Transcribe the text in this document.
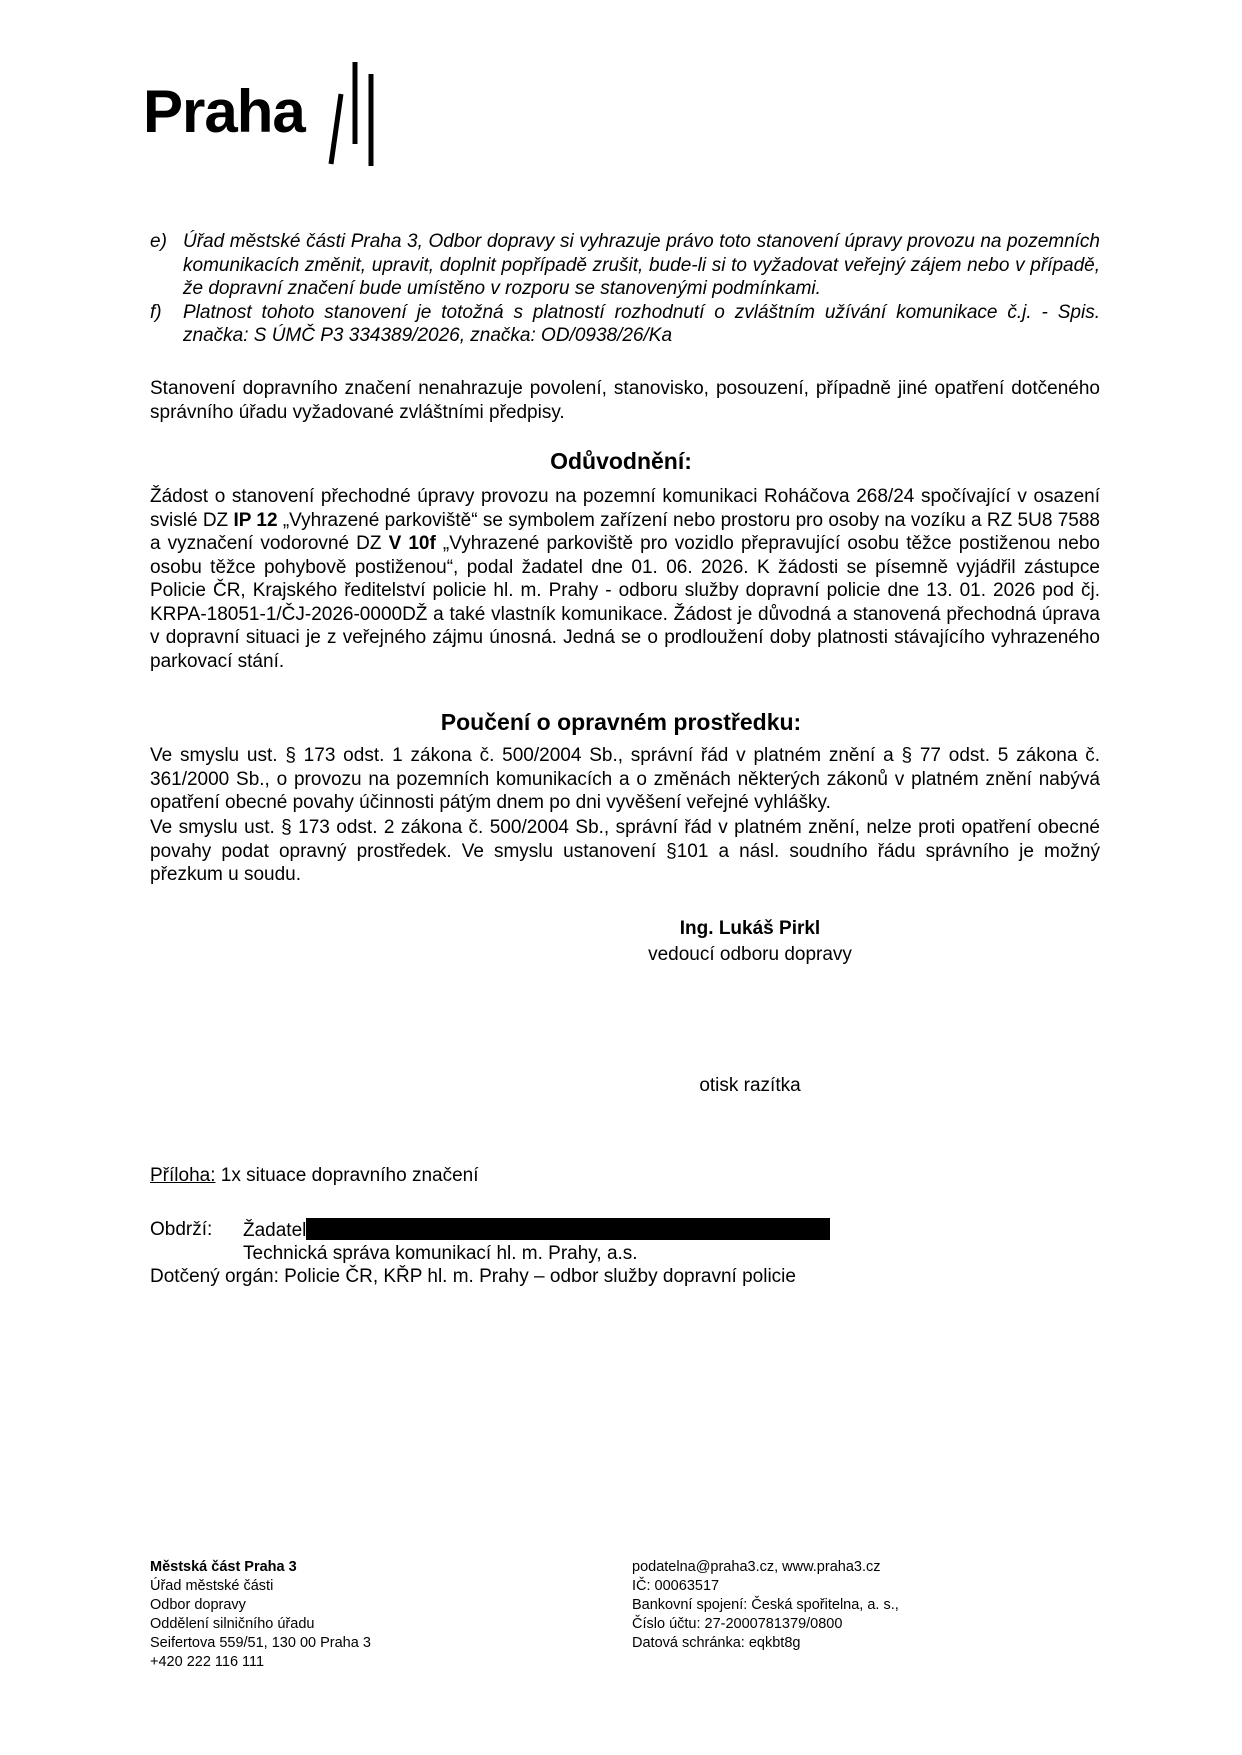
Praha
e) Úřad městské části Praha 3, Odbor dopravy si vyhrazuje právo toto stanovení úpravy provozu na pozemních komunikacích změnit, upravit, doplnit popřípadě zrušit, bude-li si to vyžadovat veřejný zájem nebo v případě, že dopravní značení bude umístěno v rozporu se stanovenými podmínkami.
f) Platnost tohoto stanovení je totožná s platností rozhodnutí o zvláštním užívání komunikace č.j. - Spis. značka: S ÚMČ P3 334389/2026, značka: OD/0938/26/Ka
Stanovení dopravního značení nenahrazuje povolení, stanovisko, posouzení, případně jiné opatření dotčeného správního úřadu vyžadované zvláštními předpisy.
Odůvodnění:
Žádost o stanovení přechodné úpravy provozu na pozemní komunikaci Roháčova 268/24 spočívající v osazení svislé DZ IP 12 „Vyhrazené parkoviště“ se symbolem zařízení nebo prostoru pro osoby na vozíku a RZ 5U8 7588 a vyznačení vodorovné DZ V 10f „Vyhrazené parkoviště pro vozidlo přepravující osobu těžce postiženou nebo osobu těžce pohybově postiženou“, podal žadatel dne 01. 06. 2026. K žádosti se písemně vyjádřil zástupce Policie ČR, Krajského ředitelství policie hl. m. Prahy - odboru služby dopravní policie dne 13. 01. 2026 pod čj. KRPA-18051-1/ČJ-2026-0000DŽ a také vlastník komunikace. Žádost je důvodná a stanovená přechodná úprava v dopravní situaci je z veřejného zájmu únosná. Jedná se o prodloužení doby platnosti stávajícího vyhrazeného parkovací stání.
Poučení o opravném prostředku:
Ve smyslu ust. § 173 odst. 1 zákona č. 500/2004 Sb., správní řád v platném znění a § 77 odst. 5 zákona č. 361/2000 Sb., o provozu na pozemních komunikacích a o změnách některých zákonů v platném znění nabývá opatření obecné povahy účinnosti pátým dnem po dni vyvěšení veřejné vyhlášky.
Ve smyslu ust. § 173 odst. 2 zákona č. 500/2004 Sb., správní řád v platném znění, nelze proti opatření obecné povahy podat opravný prostředek. Ve smyslu ustanovení §101 a násl. soudního řádu správního je možný přezkum u soudu.
Ing. Lukáš Pirkl
vedoucí odboru dopravy
otisk razítka
Příloha: 1x situace dopravního značení
Obdrží: Žadatel
Technická správa komunikací hl. m. Prahy, a.s.
Dotčený orgán: Policie ČR, KŘP hl. m. Prahy – odbor služby dopravní policie
Městská část Praha 3
Úřad městské části
Odbor dopravy
Oddělení silničního úřadu
Seifertova 559/51, 130 00 Praha 3
+420 222 116 111
podatelna@praha3.cz, www.praha3.cz
IČ: 00063517
Bankovní spojení: Česká spořitelna, a. s.,
Číslo účtu: 27-2000781379/0800
Datová schránka: eqkbt8g
